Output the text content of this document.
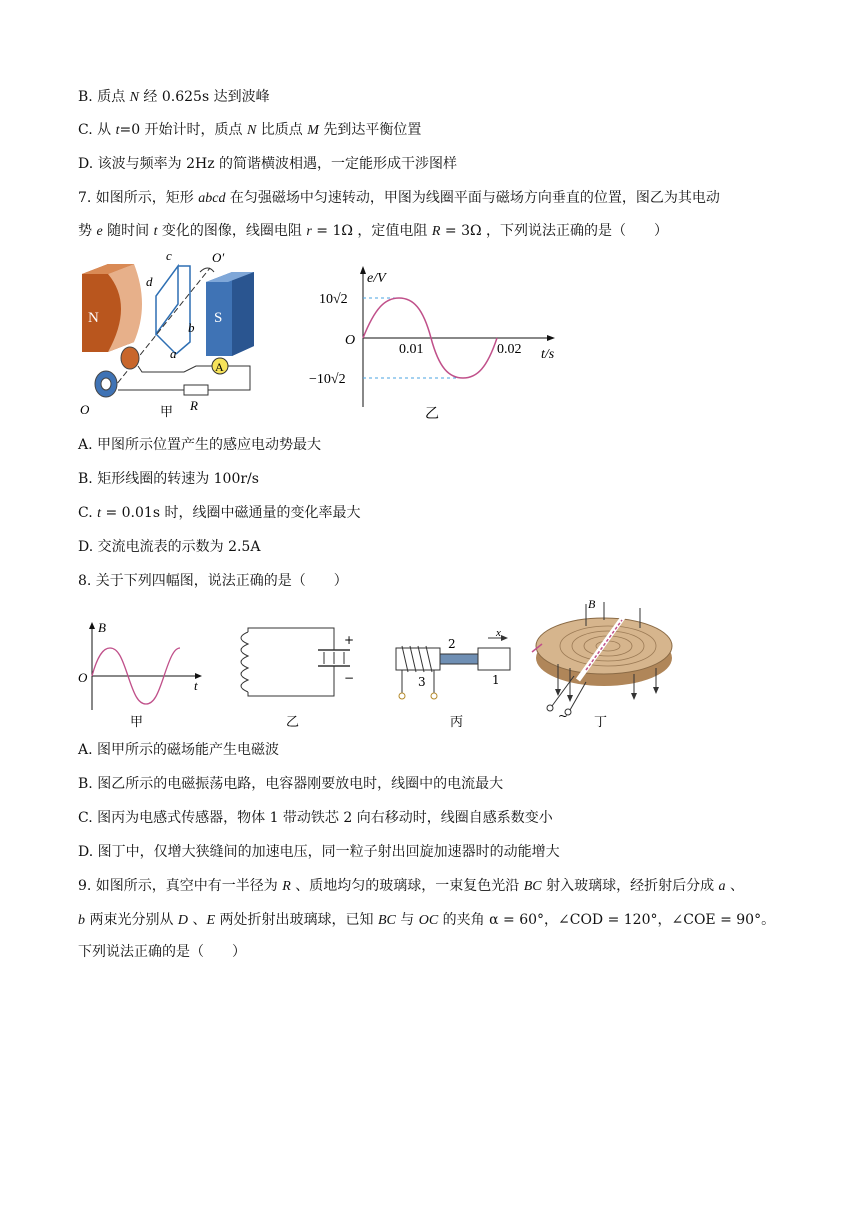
B. 质点 N 经 0.625s 达到波峰
C. 从 t=0 开始计时，质点 N 比质点 M 先到达平衡位置
D. 该波与频率为 2Hz 的简谐横波相遇，一定能形成干涉图样
7. 如图所示，矩形 abcd 在匀强磁场中匀速转动，甲图为线圈平面与磁场方向垂直的位置，图乙为其电动
势 e 随时间 t 变化的图像，线圈电阻 r = 1Ω ，定值电阻 R = 3Ω ，下列说法正确的是（　　）
N	S
A
c
d
b
a
O′
O	R
甲
e/V
t/s
O
10√2
−10√2
0.01	0.02
乙
A. 甲图所示位置产生的感应电动势最大
B. 矩形线圈的转速为 100r/s
C. t = 0.01s 时，线圈中磁通量的变化率最大
D. 交流电流表的示数为 2.5A
8. 关于下列四幅图，说法正确的是（　　）
B
t
O
甲
+
−
乙
2
1
3
x
丙
B
~ 丁
A. 图甲所示的磁场能产生电磁波
B. 图乙所示的电磁振荡电路，电容器刚要放电时，线圈中的电流最大
C. 图丙为电感式传感器，物体 1 带动铁芯 2 向右移动时，线圈自感系数变小
D. 图丁中，仅增大狭缝间的加速电压，同一粒子射出回旋加速器时的动能增大
9. 如图所示，真空中有一半径为 R 、质地均匀的玻璃球，一束复色光沿 BC 射入玻璃球，经折射后分成 a 、
b 两束光分别从 D 、E 两处折射出玻璃球，已知 BC 与 OC 的夹角 α = 60°，∠COD = 120°，∠COE = 90°。
下列说法正确的是（　　）
